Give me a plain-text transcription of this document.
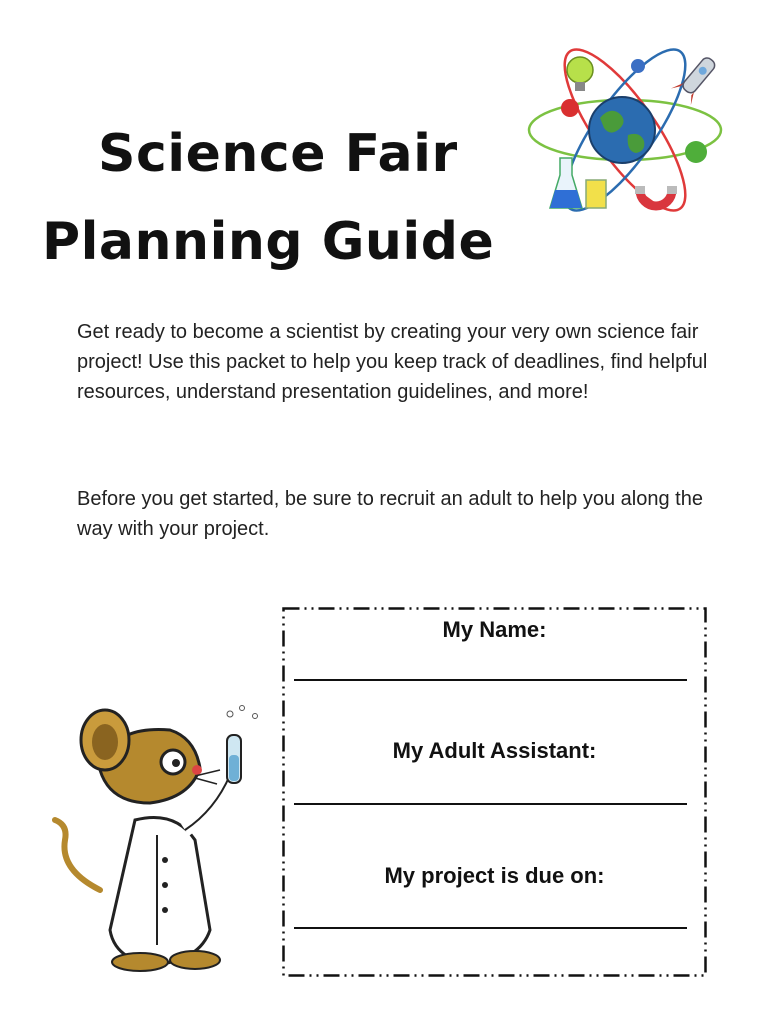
Science Fair
Planning Guide

Get ready to become a scientist by creating your very own science fair project! Use this packet to help you keep track of deadlines, find helpful resources, understand presentation guidelines, and more!

Before you get started, be sure to recruit an adult to help you along the way with your project.

My Name:
My Adult Assistant:
My project is due on:
